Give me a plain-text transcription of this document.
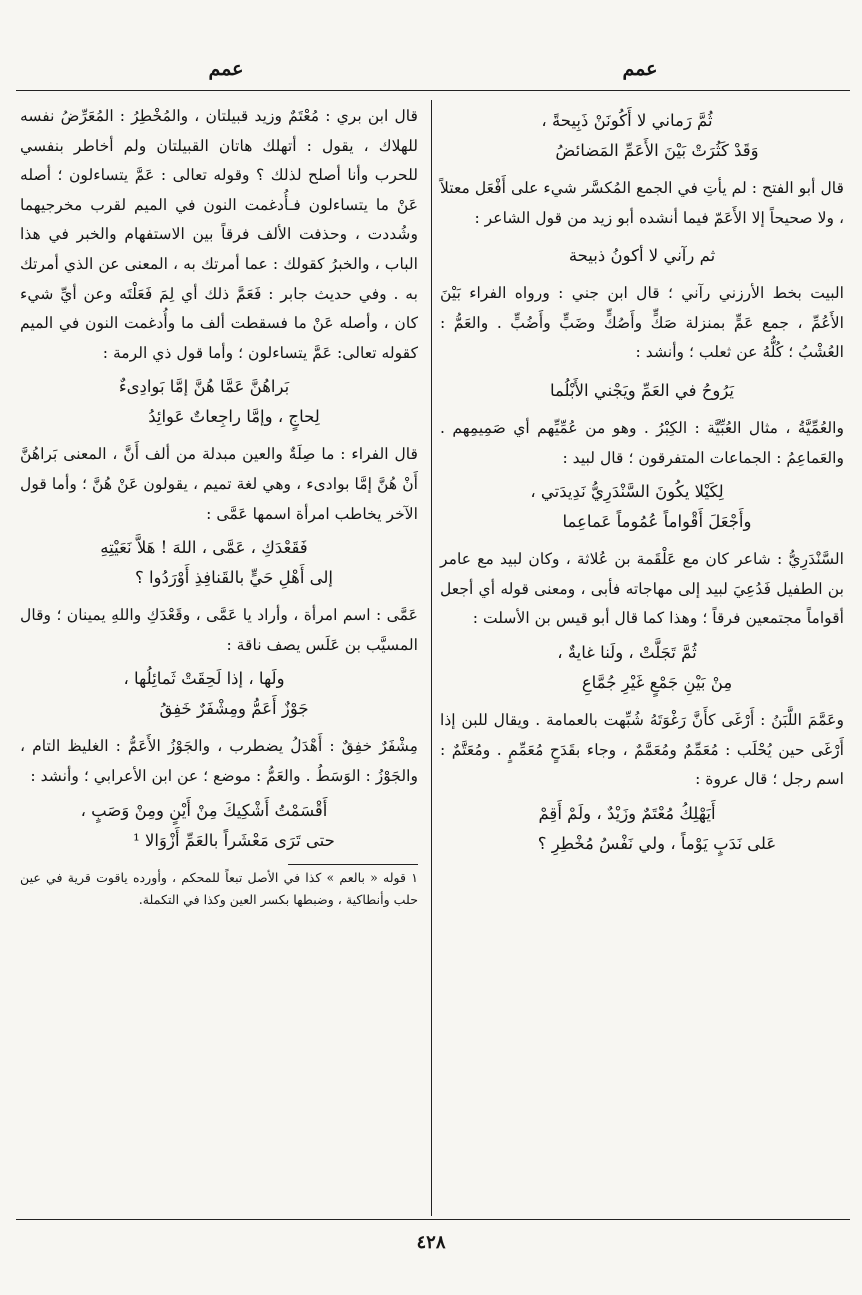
عمم
عمم
ثُمَّ رَماني لا أَكُونَنْ ذَبِيحةً ،
وَقَدْ كَثُرَتْ بَيْنَ الأَعَمِّ المَضائضُ

قال أبو الفتح : لم يأتِ في الجمع المُكسَّر شيء على أَفْعَل معتلاً ، ولا صحيحاً إلا الأَعَمّ فيما أنشده أبو زيد من قول الشاعر :

ثم رآني لا أكونُ ذبيحة

البيت بخط الأرزني رآني ؛ قال ابن جني : ورواه الفراء بَيْنَ الأَعُمِّ ، جمع عَمٍّ بمنزلة صَكٍّ وأَصُكٍّ وضَبٍّ وأَضُبٍّ . والعَمُّ : العُشْبُ ؛ كُلُّهُ عن ثعلب ؛ وأنشد :

يَرُوحُ في العَمِّ ويَجْني الأَبْلُما

والعُمِّيَّةُ ، مثال العُبِّيَّة : الكِبْرُ . وهو من عُمِّيِّهم أي صَمِيمِهم . والعَماعِمُ : الجماعات المتفرقون ؛ قال لبيد :

لِكَيْلا يكُونَ السَّنْدَرِيُّ نَدِيدَتي ،
وأَجْعَلَ أَقْواماً عُمُوماً عَماعِما

السَّنْدَرِيُّ : شاعر كان مع عَلْقَمة بن عُلاثة ، وكان لبيد مع عامر بن الطفيل فَدُعِيَ لبيد إلى مهاجاته فأبى ، ومعنى قوله أي أجعل أقواماً مجتمعين فرقاً ؛ وهذا كما قال أبو قيس بن الأسلت :

ثُمَّ تَجَلَّتْ ، ولَنا غايةٌ ،
مِنْ بَيْنِ جَمْعٍ غَيْرِ جُمَّاعِ

وعَمَّمَ اللَّبَنُ : أَرْغَى كأَنَّ رَغْوَتَهُ شُبِّهت بالعمامة . ويقال للبن إذا أَرْغَى حين يُحْلَب : مُعَمِّمٌ ومُعَمَّمٌ ، وجاء بقَدَحٍ مُعَمِّمٍ . ومُعَتَّمٌ : اسم رجل ؛ قال عروة :

أَيَهْلِكُ مُعْتَمٌ وزَيْدٌ ، ولَمْ أَقِمْ
عَلى نَدَبٍ يَوْماً ، ولي نَفْسُ مُخْطِرِ ؟

قال ابن بري : مُعْتَمٌ وزيد قبيلتان ، والمُخْطِرُ : المُعَرِّضُ نفسه للهلاك ، يقول : أتهلك هاتان القبيلتان ولم أخاطر بنفسي للحرب وأنا أصلح لذلك ؟ وقوله تعالى : عَمَّ يتساءلون ؛ أصله عَنْ ما يتساءلون فـأُدغمت النون في الميم لقرب مخرجيهما وشُددت ، وحذفت الألف فرقاً بين الاستفهام والخبر في هذا الباب ، والخبرُ كقولك : عما أمرتك به ، المعنى عن الذي أمرتك به . وفي حديث جابر : فَعَمَّ ذلك أي لِمَ فَعَلْتَه وعن أيِّ شيء كان ، وأصله عَنْ ما فسقطت ألف ما وأُدغمت النون في الميم كقوله تعالى: عَمَّ يتساءلون ؛ وأما قول ذي الرمة :

بَراهُنَّ عَمَّا هُنَّ إمَّا بَوادِىءٌ
لِحاجٍ ، وإمَّا راجِعاتٌ عَوائِدُ

قال الفراء : ما صِلَةٌ والعين مبدلة من ألف أَنَّ ، المعنى بَراهُنَّ أَنْ هُنَّ إمَّا بوادىء ، وهي لغة تميم ، يقولون عَنْ هُنَّ ؛ وأما قول الآخر يخاطب امرأة اسمها عَمَّى :

فَقَعْدَكِ ، عَمَّى ، اللهَ ! هَلاَّ نَعَيْتِهِ
إلى أَهْلِ حَيٍّ بالقَنافِذِ أَوْرَدُوا ؟

عَمَّى : اسم امرأة ، وأراد يا عَمَّى ، وقَعْدَكِ واللهِ يمينان ؛ وقال المسيَّب بن عَلَس يصف ناقة :

ولَها ، إذا لَحِقَتْ ثَمائِلُها ،
جَوْزٌ أَعَمُّ ومِشْفَرٌ خَفِقُ

مِشْفَرٌ خفِقٌ : أَهْدَلُ يضطرب ، والجَوْزُ الأَعَمُّ : الغليظ التام ، والجَوْزُ : الوَسَطُ . والعَمُّ : موضع ؛ عن ابن الأعرابي ؛ وأنشد :

أَقْسَمْتُ أَشْكِيكَ مِنْ أَيْنٍ ومِنْ وَصَبٍ ،
حتى تَرَى مَعْشَراً بالعَمِّ أَزْوَالا ¹

١ قوله « بالعم » كذا في الأصل تبعاً للمحكم ، وأورده ياقوت قرية في عين حلب وأنطاكية ، وضبطها بكسر العين وكذا في التكملة.

٤٢٨
